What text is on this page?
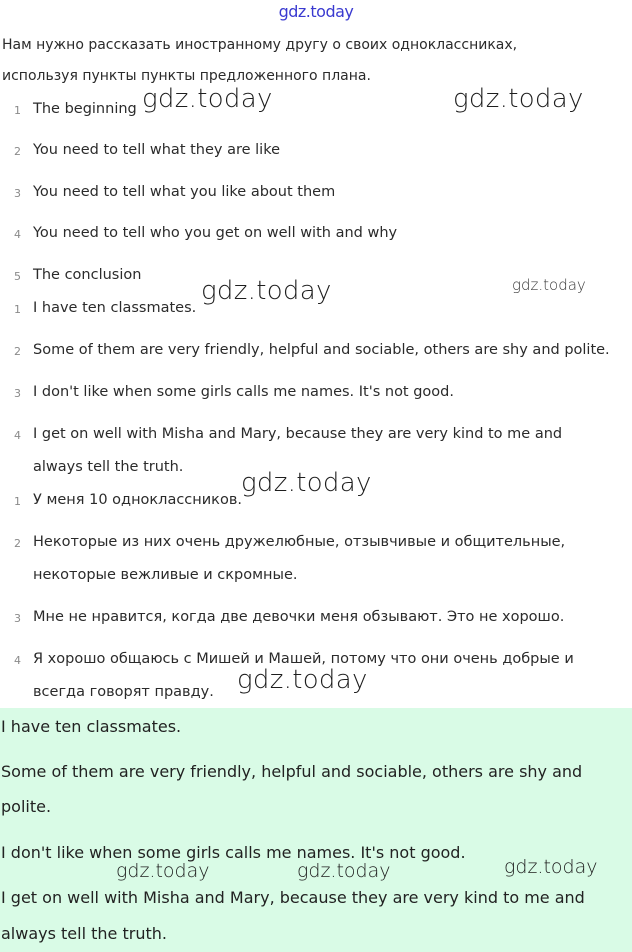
gdz.today
Нам нужно рассказать иностранному другу о своих одноклассниках,
используя пункты пункты предложенного плана.
1 The beginning
2 You need to tell what they are like
3 You need to tell what you like about them
4 You need to tell who you get on well with and why
5 The conclusion
1 I have ten classmates.
2 Some of them are very friendly, helpful and sociable, others are shy and polite.
3 I don't like when some girls calls me names. It's not good.
4 I get on well with Misha and Mary, because they are very kind to me and
always tell the truth.
1 У меня 10 одноклассников.
2 Некоторые из них очень дружелюбные, отзывчивые и общительные,
некоторые вежливые и скромные.
3 Мне не нравится, когда две девочки меня обзывают. Это не хорошо.
4 Я хорошо общаюсь с Мишей и Машей, потому что они очень добрые и
всегда говорят правду.
I have ten classmates.
Some of them are very friendly, helpful and sociable, others are shy and
polite.
I don't like when some girls calls me names. It's not good.
I get on well with Misha and Mary, because they are very kind to me and
always tell the truth.
gdz.today	gdz.today
gdz.today	gdz.today
gdz.today
gdz.today
gdz.today
gdz.today	gdz.today
